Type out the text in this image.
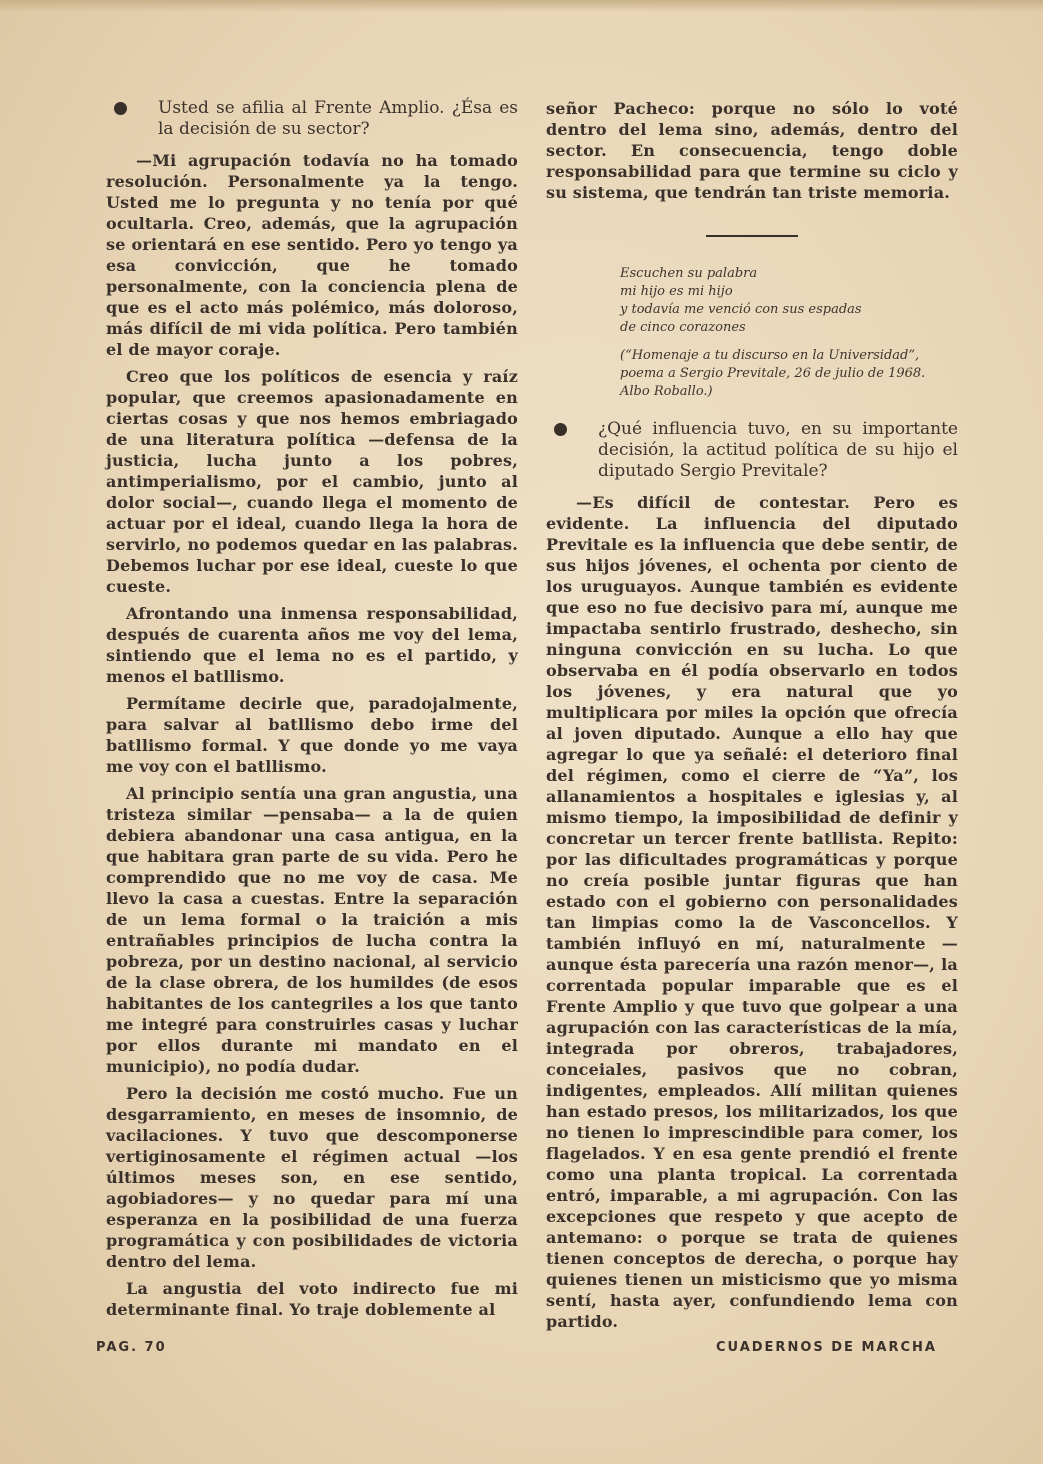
Usted se afilia al Frente Amplio. ¿Ésa es la decisión de su sector?

—Mi agrupación todavía no ha tomado resolución. Personalmente ya la tengo. Usted me lo pregunta y no tenía por qué ocultarla. Creo, además, que la agrupación se orientará en ese sentido. Pero yo tengo ya esa convicción, que he tomado personalmente, con la conciencia plena de que es el acto más polémico, más doloroso, más difícil de mi vida política. Pero también el de mayor coraje.

Creo que los políticos de esencia y raíz popular, que creemos apasionadamente en ciertas cosas y que nos hemos embriagado de una literatura política —defensa de la justicia, lucha junto a los pobres, antimperialismo, por el cambio, junto al dolor social—, cuando llega el momento de actuar por el ideal, cuando llega la hora de servirlo, no podemos quedar en las palabras. Debemos luchar por ese ideal, cueste lo que cueste.

Afrontando una inmensa responsabilidad, después de cuarenta años me voy del lema, sintiendo que el lema no es el partido, y menos el batllismo.

Permítame decirle que, paradojalmente, para salvar al batllismo debo irme del batllismo formal. Y que donde yo me vaya me voy con el batllismo.

Al principio sentía una gran angustia, una tristeza similar —pensaba— a la de quien debiera abandonar una casa antigua, en la que habitara gran parte de su vida. Pero he comprendido que no me voy de casa. Me llevo la casa a cuestas. Entre la separación de un lema formal o la traición a mis entrañables principios de lucha contra la pobreza, por un destino nacional, al servicio de la clase obrera, de los humildes (de esos habitantes de los cantegriles a los que tanto me integré para construirles casas y luchar por ellos durante mi mandato en el municipio), no podía dudar.

Pero la decisión me costó mucho. Fue un desgarramiento, en meses de insomnio, de vacilaciones. Y tuvo que descomponerse vertiginosamente el régimen actual —los últimos meses son, en ese sentido, agobiadores— y no quedar para mí una esperanza en la posibilidad de una fuerza programática y con posibilidades de victoria dentro del lema.

La angustia del voto indirecto fue mi determinante final. Yo traje doblemente al

señor Pacheco: porque no sólo lo voté dentro del lema sino, además, dentro del sector. En consecuencia, tengo doble responsabilidad para que termine su ciclo y su sistema, que tendrán tan triste memoria.

Escuchen su palabra
mi hijo es mi hijo
y todavía me venció con sus espadas
de cinco corazones
(“Homenaje a tu discurso en la Universidad”, poema a Sergio Previtale, 26 de julio de 1968. Albo Roballo.)

¿Qué influencia tuvo, en su importante decisión, la actitud política de su hijo el diputado Sergio Previtale?

—Es difícil de contestar. Pero es evidente. La influencia del diputado Previtale es la influencia que debe sentir, de sus hijos jóvenes, el ochenta por ciento de los uruguayos. Aunque también es evidente que eso no fue decisivo para mí, aunque me impactaba sentirlo frustrado, deshecho, sin ninguna convicción en su lucha. Lo que observaba en él podía observarlo en todos los jóvenes, y era natural que yo multiplicara por miles la opción que ofrecía al joven diputado. Aunque a ello hay que agregar lo que ya señalé: el deterioro final del régimen, como el cierre de “Ya”, los allanamientos a hospitales e iglesias y, al mismo tiempo, la imposibilidad de definir y concretar un tercer frente batllista. Repito: por las dificultades programáticas y porque no creía posible juntar figuras que han estado con el gobierno con personalidades tan limpias como la de Vasconcellos. Y también influyó en mí, naturalmente —aunque ésta parecería una razón menor—, la correntada popular imparable que es el Frente Amplio y que tuvo que golpear a una agrupación con las características de la mía, integrada por obreros, trabajadores, conceiales, pasivos que no cobran, indigentes, empleados. Allí militan quienes han estado presos, los militarizados, los que no tienen lo imprescindible para comer, los flagelados. Y en esa gente prendió el frente como una planta tropical. La correntada entró, imparable, a mi agrupación. Con las excepciones que respeto y que acepto de antemano: o porque se trata de quienes tienen conceptos de derecha, o porque hay quienes tienen un misticismo que yo misma sentí, hasta ayer, confundiendo lema con partido.

PAG. 70	CUADERNOS DE MARCHA
